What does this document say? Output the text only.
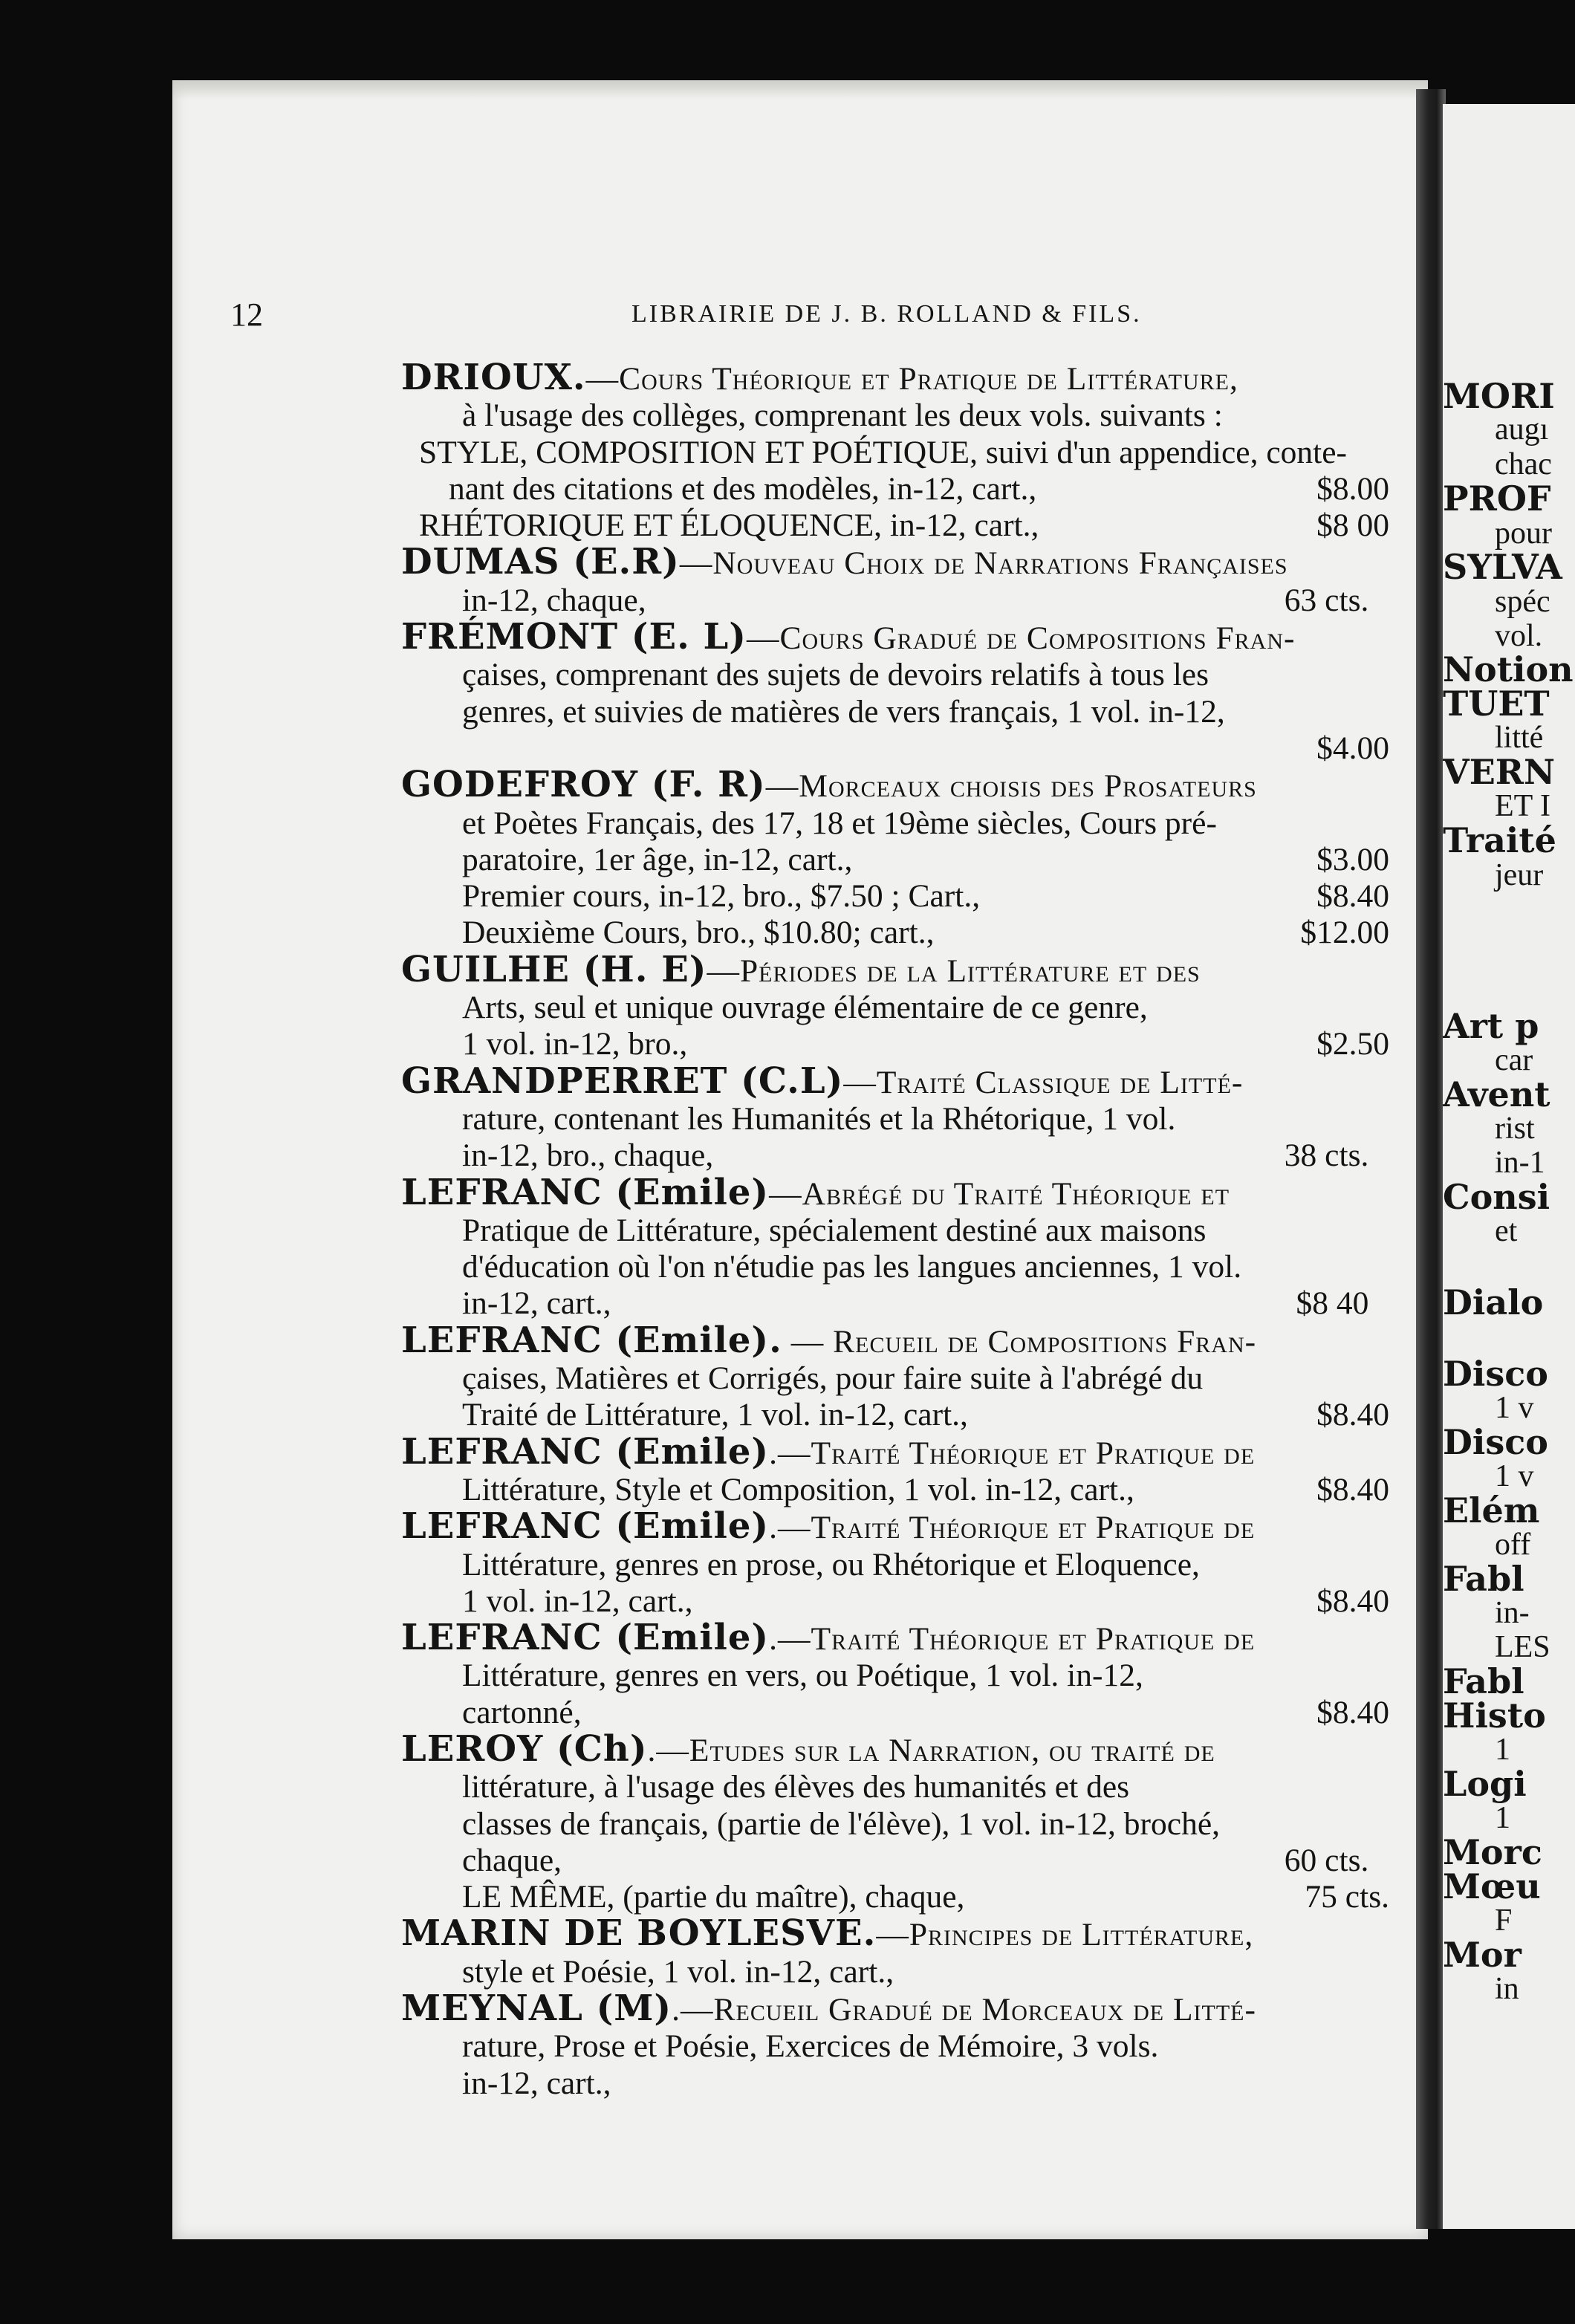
MORI
augı
chac
PROF
pour
SYLVA
spéc
vol.
Notion
TUET
litté
VERN
ET I
Traité
jeur
Art p
car
Avent
rist
in-1
Consi
et
Dialo
Disco
1 v
Disco
1 v
Elém
off
Fabl
in-
LES
Fabl
Histo
1
Logi
1
Morc
Mœu
F
Mor
in
12	LIBRAIRIE DE J. B. ROLLAND & FILS.
DRIOUX.—Cours Théorique et Pratique de Littérature,
à l'usage des collèges, comprenant les deux vols. suivants :
STYLE, COMPOSITION ET POÉTIQUE, suivi d'un appendice, conte-
nant des citations et des modèles, in-12, cart.,	$8.00
RHÉTORIQUE ET ÉLOQUENCE, in-12, cart.,	$8 00
DUMAS (E.R)—Nouveau Choix de Narrations Françaises
in-12, chaque,	63 cts.
FRÉMONT (E. L)—Cours Gradué de Compositions Fran-
çaises, comprenant des sujets de devoirs relatifs à tous les
genres, et suivies de matières de vers français, 1 vol. in-12,

$4.00
GODEFROY (F. R)—Morceaux choisis des Prosateurs
et Poètes Français, des 17, 18 et 19ème siècles, Cours pré-
paratoire, 1er âge, in-12, cart.,	$3.00
Premier cours, in-12, bro., $7.50 ; Cart.,	$8.40
Deuxième Cours, bro., $10.80; cart.,	$12.00
GUILHE (H. E)—Périodes de la Littérature et des
Arts, seul et unique ouvrage élémentaire de ce genre,
1 vol. in-12, bro.,	$2.50
GRANDPERRET (C.L)—Traité Classique de Litté-
rature, contenant les Humanités et la Rhétorique, 1 vol.
in-12, bro., chaque,	38 cts.
LEFRANC (Emile)—Abrégé du Traité Théorique et
Pratique de Littérature, spécialement destiné aux maisons
d'éducation où l'on n'étudie pas les langues anciennes, 1 vol.
in-12, cart.,	$8 40
LEFRANC (Emile). — Recueil de Compositions Fran-
çaises, Matières et Corrigés, pour faire suite à l'abrégé du
Traité de Littérature, 1 vol. in-12, cart.,	$8.40
LEFRANC (Emile).—Traité Théorique et Pratique de
Littérature, Style et Composition, 1 vol. in-12, cart.,	$8.40
LEFRANC (Emile).—Traité Théorique et Pratique de
Littérature, genres en prose, ou Rhétorique et Eloquence,
1 vol. in-12, cart.,	$8.40
LEFRANC (Emile).—Traité Théorique et Pratique de
Littérature, genres en vers, ou Poétique, 1 vol. in-12,
cartonné,	$8.40
LEROY (Ch).—Etudes sur la Narration, ou traité de
littérature, à l'usage des élèves des humanités et des
classes de français, (partie de l'élève), 1 vol. in-12, broché,
chaque,	60 cts.
LE MÊME, (partie du maître), chaque,	75 cts.
MARIN DE BOYLESVE.—Principes de Littérature,
style et Poésie, 1 vol. in-12, cart.,
MEYNAL (M).—Recueil Gradué de Morceaux de Litté-
rature, Prose et Poésie, Exercices de Mémoire, 3 vols.
in-12, cart.,
